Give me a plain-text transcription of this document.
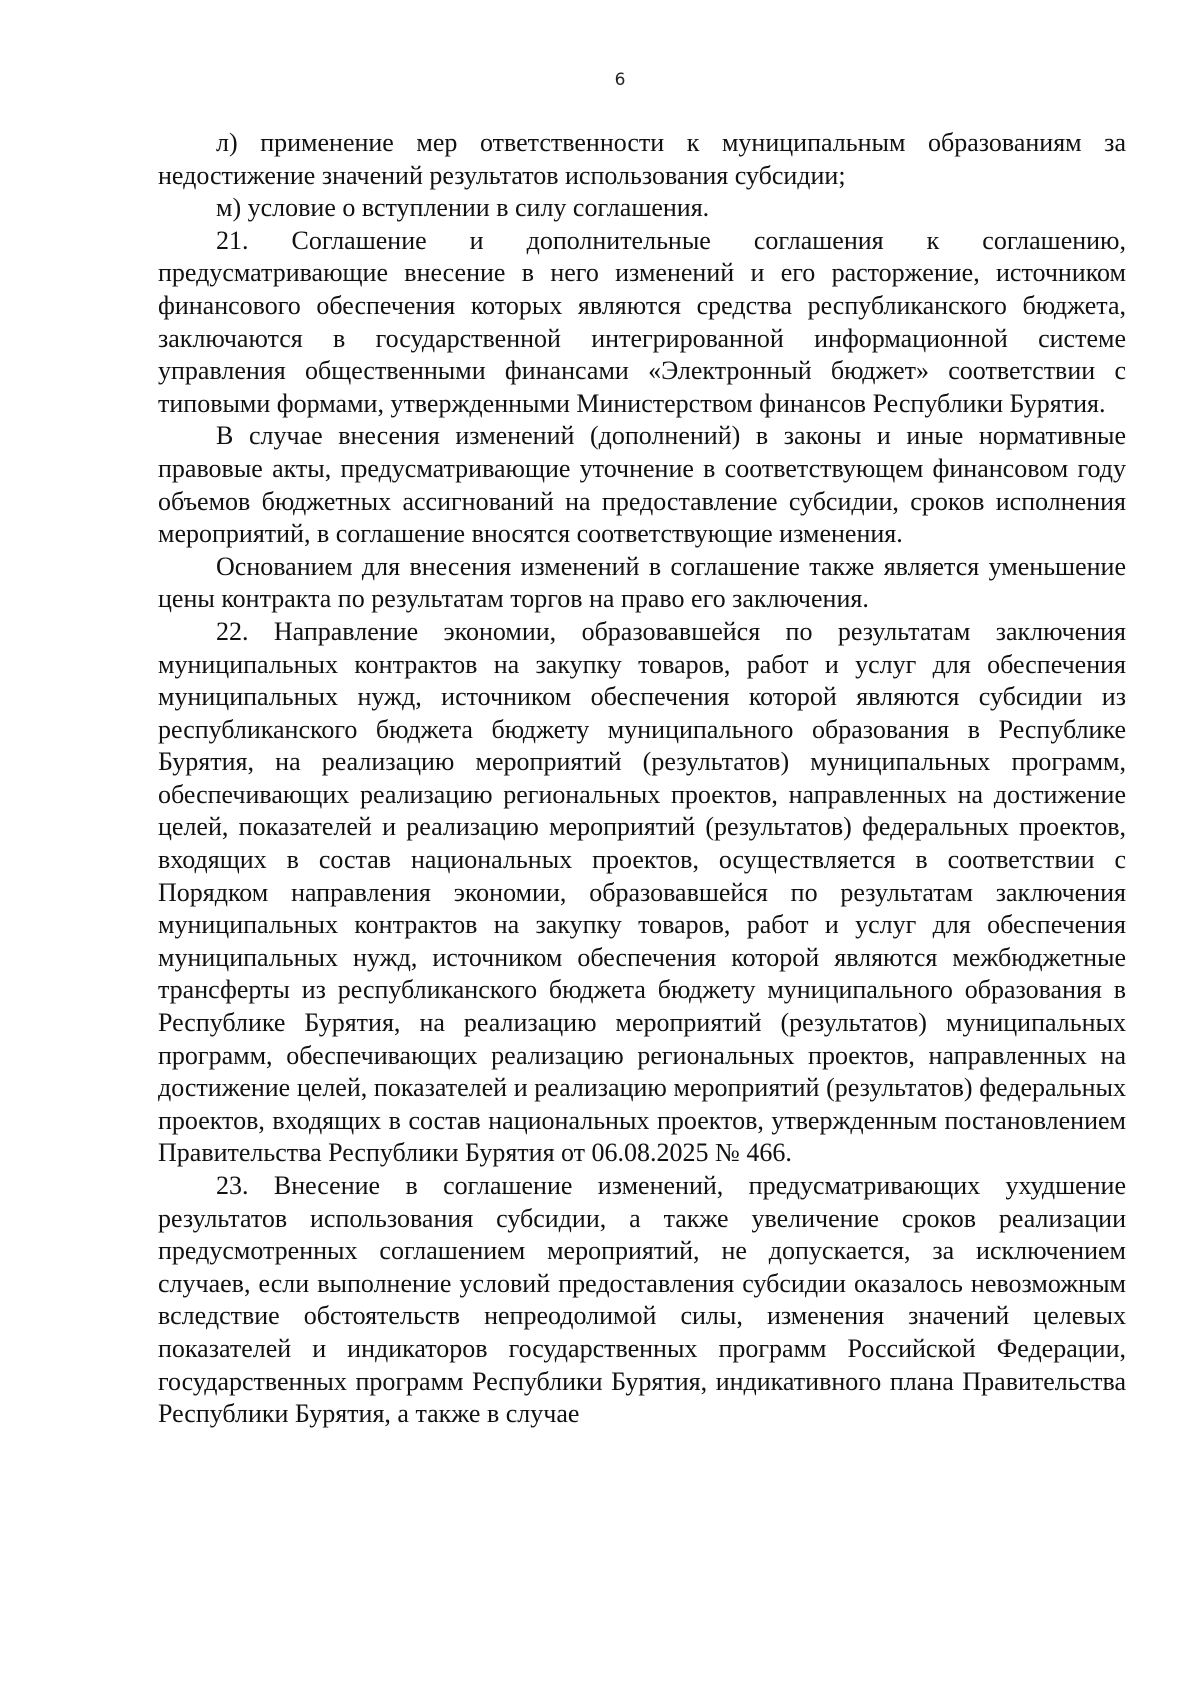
6

л) применение мер ответственности к муниципальным образованиям за недостижение значений результатов использования субсидии;

м) условие о вступлении в силу соглашения.

21. Соглашение и дополнительные соглашения к соглашению, предусматривающие внесение в него изменений и его расторжение, источником финансового обеспечения которых являются средства республиканского бюджета, заключаются в государственной интегрированной информационной системе управления общественными финансами «Электронный бюджет» соответствии с типовыми формами, утвержденными Министерством финансов Республики Бурятия.

В случае внесения изменений (дополнений) в законы и иные нормативные правовые акты, предусматривающие уточнение в соответствующем финансовом году объемов бюджетных ассигнований на предоставление субсидии, сроков исполнения мероприятий, в соглашение вносятся соответствующие изменения.

Основанием для внесения изменений в соглашение также является уменьшение цены контракта по результатам торгов на право его заключения.

22. Направление экономии, образовавшейся по результатам заключения муниципальных контрактов на закупку товаров, работ и услуг для обеспечения муниципальных нужд, источником обеспечения которой являются субсидии из республиканского бюджета бюджету муниципального образования в Республике Бурятия, на реализацию мероприятий (результатов) муниципальных программ, обеспечивающих реализацию региональных проектов, направленных на достижение целей, показателей и реализацию мероприятий (результатов) федеральных проектов, входящих в состав национальных проектов, осуществляется в соответствии с Порядком направления экономии, образовавшейся по результатам заключения муниципальных контрактов на закупку товаров, работ и услуг для обеспечения муниципальных нужд, источником обеспечения которой являются межбюджетные трансферты из республиканского бюджета бюджету муниципального образования в Республике Бурятия, на реализацию мероприятий (результатов) муниципальных программ, обеспечивающих реализацию региональных проектов, направленных на достижение целей, показателей и реализацию мероприятий (результатов) федеральных проектов, входящих в состав национальных проектов, утвержденным постановлением Правительства Республики Бурятия от 06.08.2025 № 466.

23. Внесение в соглашение изменений, предусматривающих ухудшение результатов использования субсидии, а также увеличение сроков реализации предусмотренных соглашением мероприятий, не допускается, за исключением случаев, если выполнение условий предоставления субсидии оказалось невозможным вследствие обстоятельств непреодолимой силы, изменения значений целевых показателей и индикаторов государственных программ Российской Федерации, государственных программ Республики Бурятия, индикативного плана Правительства Республики Бурятия, а также в случае
